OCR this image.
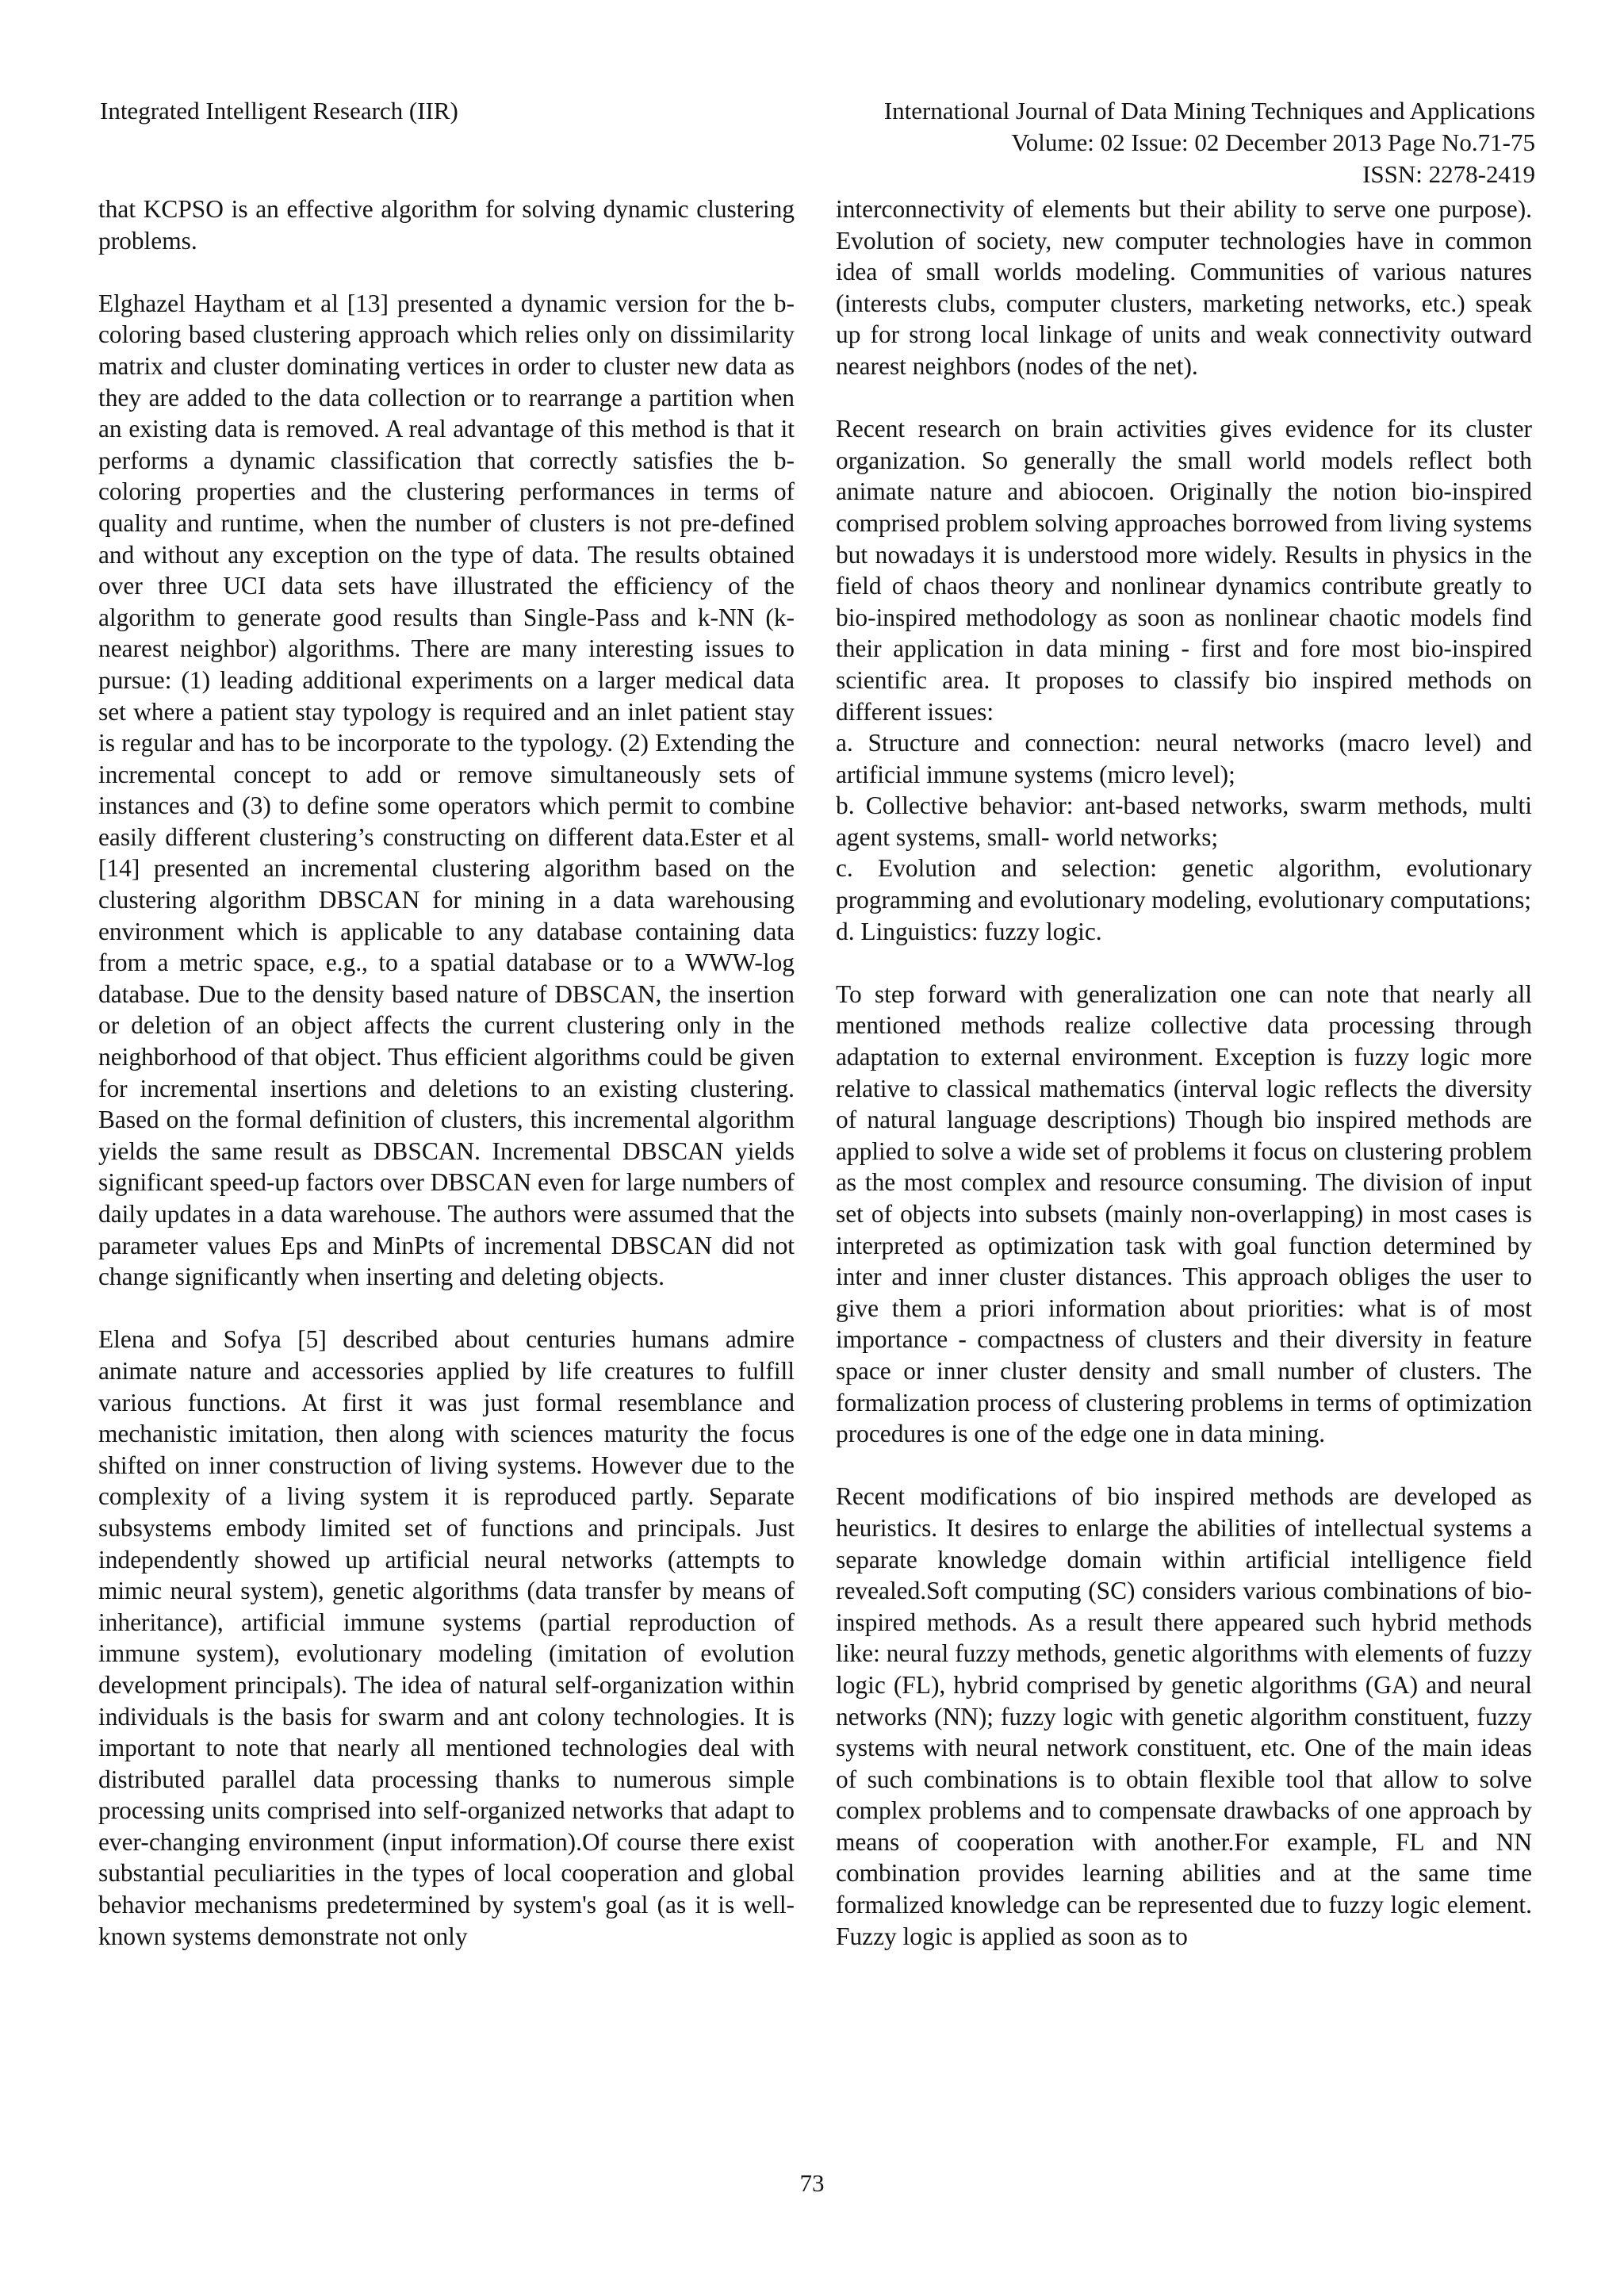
Integrated Intelligent Research (IIR)	International Journal of Data Mining Techniques and Applications
Volume: 02 Issue: 02 December 2013 Page No.71-75
ISSN: 2278-2419

that KCPSO is an effective algorithm for solving dynamic clustering problems.

Elghazel Haytham et al [13] presented a dynamic version for the b-coloring based clustering approach which relies only on dissimilarity matrix and cluster dominating vertices in order to cluster new data as they are added to the data collection or to rearrange a partition when an existing data is removed. A real advantage of this method is that it performs a dynamic classification that correctly satisfies the b-coloring properties and the clustering performances in terms of quality and runtime, when the number of clusters is not pre-defined and without any exception on the type of data. The results obtained over three UCI data sets have illustrated the efficiency of the algorithm to generate good results than Single-Pass and k-NN (k-nearest neighbor) algorithms. There are many interesting issues to pursue: (1) leading additional experiments on a larger medical data set where a patient stay typology is required and an inlet patient stay is regular and has to be incorporate to the typology. (2) Extending the incremental concept to add or remove simultaneously sets of instances and (3) to define some operators which permit to combine easily different clustering’s constructing on different data.Ester et al [14] presented an incremental clustering algorithm based on the clustering algorithm DBSCAN for mining in a data warehousing environment which is applicable to any database containing data from a metric space, e.g., to a spatial database or to a WWW-log database. Due to the density based nature of DBSCAN, the insertion or deletion of an object affects the current clustering only in the neighborhood of that object. Thus efficient algorithms could be given for incremental insertions and deletions to an existing clustering. Based on the formal definition of clusters, this incremental algorithm yields the same result as DBSCAN. Incremental DBSCAN yields significant speed-up factors over DBSCAN even for large numbers of daily updates in a data warehouse. The authors were assumed that the parameter values Eps and MinPts of incremental DBSCAN did not change significantly when inserting and deleting objects.

Elena and Sofya [5] described about centuries humans admire animate nature and accessories applied by life creatures to fulfill various functions. At first it was just formal resemblance and mechanistic imitation, then along with sciences maturity the focus shifted on inner construction of living systems. However due to the complexity of a living system it is reproduced partly. Separate subsystems embody limited set of functions and principals. Just independently showed up artificial neural networks (attempts to mimic neural system), genetic algorithms (data transfer by means of inheritance), artificial immune systems (partial reproduction of immune system), evolutionary modeling (imitation of evolution development principals). The idea of natural self-organization within individuals is the basis for swarm and ant colony technologies. It is important to note that nearly all mentioned technologies deal with distributed parallel data processing thanks to numerous simple processing units comprised into self-organized networks that adapt to ever-changing environment (input information).Of course there exist substantial peculiarities in the types of local cooperation and global behavior mechanisms predetermined by system's goal (as it is well-known systems demonstrate not only

interconnectivity of elements but their ability to serve one purpose). Evolution of society, new computer technologies have in common idea of small worlds modeling. Communities of various natures (interests clubs, computer clusters, marketing networks, etc.) speak up for strong local linkage of units and weak connectivity outward nearest neighbors (nodes of the net).

Recent research on brain activities gives evidence for its cluster organization. So generally the small world models reflect both animate nature and abiocoen. Originally the notion bio-inspired comprised problem solving approaches borrowed from living systems but nowadays it is understood more widely. Results in physics in the field of chaos theory and nonlinear dynamics contribute greatly to bio-inspired methodology as soon as nonlinear chaotic models find their application in data mining - first and fore most bio-inspired scientific area. It proposes to classify bio inspired methods on different issues:

a. Structure and connection: neural networks (macro level) and artificial immune systems (micro level);

b. Collective behavior: ant-based networks, swarm methods, multi agent systems, small- world networks;

c. Evolution and selection: genetic algorithm, evolutionary programming and evolutionary modeling, evolutionary computations;

d. Linguistics: fuzzy logic.

To step forward with generalization one can note that nearly all mentioned methods realize collective data processing through adaptation to external environment. Exception is fuzzy logic more relative to classical mathematics (interval logic reflects the diversity of natural language descriptions) Though bio inspired methods are applied to solve a wide set of problems it focus on clustering problem as the most complex and resource consuming. The division of input set of objects into subsets (mainly non-overlapping) in most cases is interpreted as optimization task with goal function determined by inter and inner cluster distances. This approach obliges the user to give them a priori information about priorities: what is of most importance - compactness of clusters and their diversity in feature space or inner cluster density and small number of clusters. The formalization process of clustering problems in terms of optimization procedures is one of the edge one in data mining.

Recent modifications of bio inspired methods are developed as heuristics. It desires to enlarge the abilities of intellectual systems a separate knowledge domain within artificial intelligence field revealed.Soft computing (SC) considers various combinations of bio-inspired methods. As a result there appeared such hybrid methods like: neural fuzzy methods, genetic algorithms with elements of fuzzy logic (FL), hybrid comprised by genetic algorithms (GA) and neural networks (NN); fuzzy logic with genetic algorithm constituent, fuzzy systems with neural network constituent, etc. One of the main ideas of such combinations is to obtain flexible tool that allow to solve complex problems and to compensate drawbacks of one approach by means of cooperation with another.For example, FL and NN combination provides learning abilities and at the same time formalized knowledge can be represented due to fuzzy logic element. Fuzzy logic is applied as soon as to

73
